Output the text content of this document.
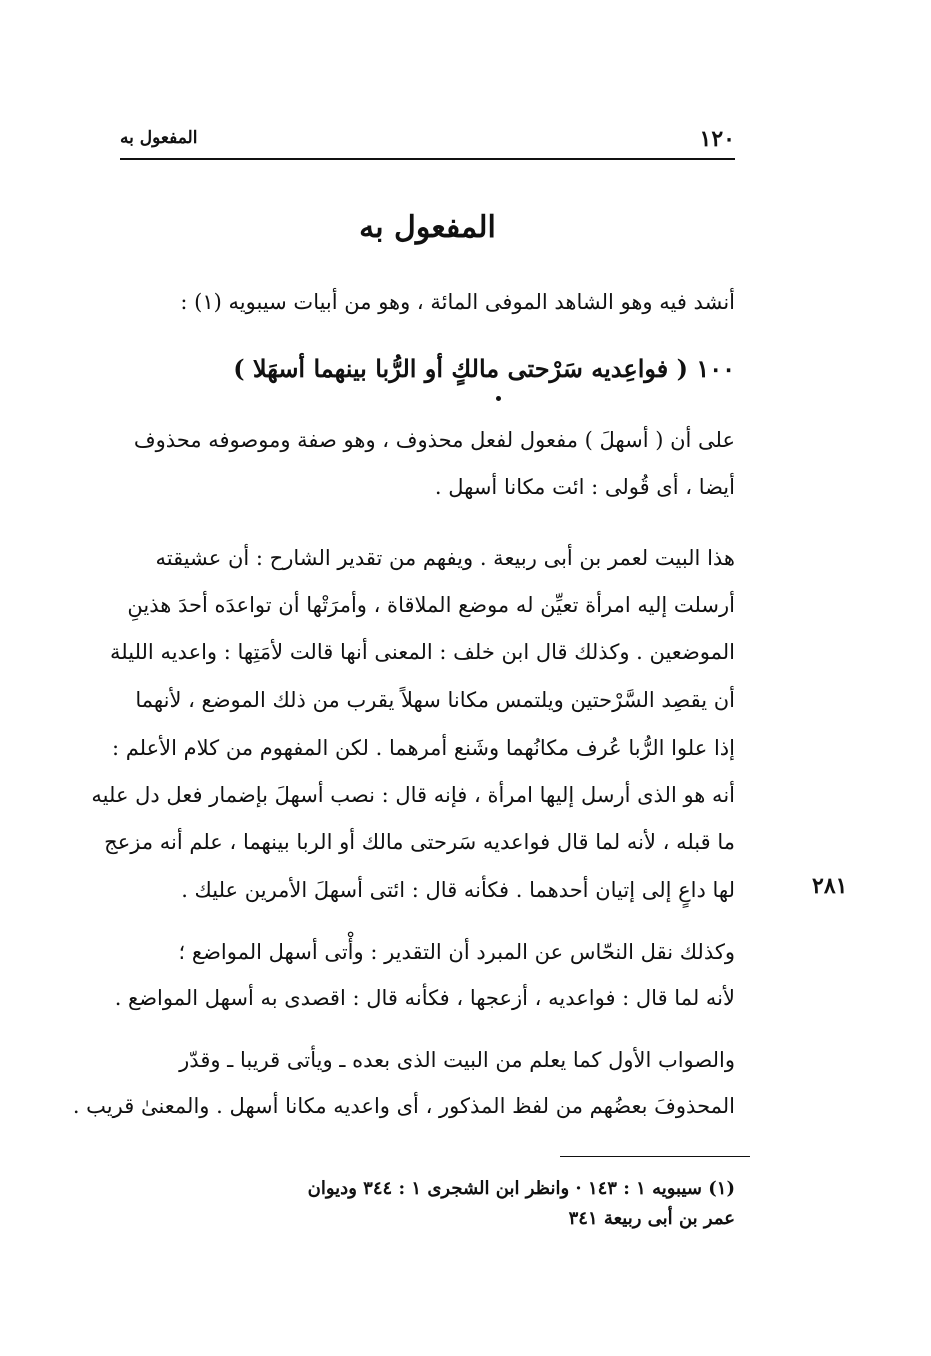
١٢٠
المفعول به
المفعول به
أنشد فيه وهو الشاهد الموفى المائة ، وهو من أبيات سيبويه (١) :
١٠٠ ( فواعِديه سَرْحتى مالكٍ أو الرُّبا بينهما أسهَلا )
على أن ( أسهلَ ) مفعول لفعل محذوف ، وهو صفة وموصوفه محذوف
أيضا ، أى قُولى : ائت مكانا أسهل .
هذا البيت لعمر بن أبى ربيعة . ويفهم من تقدير الشارح : أن عشيقته
أرسلت إليه امرأة تعيِّن له موضع الملاقاة ، وأمرَتْها أن تواعدَه أحدَ هذينِ
الموضعين . وكذلك قال ابن خلف : المعنى أنها قالت لأمَتِها : واعديه الليلة
أن يقصِد السَّرْحتين ويلتمس مكانا سهلاً يقرب من ذلك الموضع ، لأنهما
إذا علوا الرُّبا عُرف مكانُهما وشَنع أمرهما . لكن المفهوم من كلام الأعلم :
أنه هو الذى أرسل إليها امرأة ، فإنه قال : نصب أسهلَ بإضمار فعل دل عليه
ما قبله ، لأنه لما قال فواعديه سَرحتى مالك أو الربا بينهما ، علم أنه مزعج
لها داعٍ إلى إتيان أحدهما . فكأنه قال : ائتى أسهلَ الأمرين عليك .	٢٨١
وكذلك نقل النحّاس عن المبرد أن التقدير : وأْتى أسهل المواضع ؛
لأنه لما قال : فواعديه ، أزعجها ، فكأنه قال : اقصدى به أسهل المواضع .
والصواب الأول كما يعلم من البيت الذى بعده ـ ويأتى قريبا ـ وقدّر
المحذوفَ بعضُهم من لفظ المذكور ، أى واعديه مكانا أسهل . والمعنىٰ قريب .
(١) سيبويه ١ : ١٤٣ · وانظر ابن الشجرى ١ : ٣٤٤ وديوان
عمر بن أبى ربيعة ٣٤١
